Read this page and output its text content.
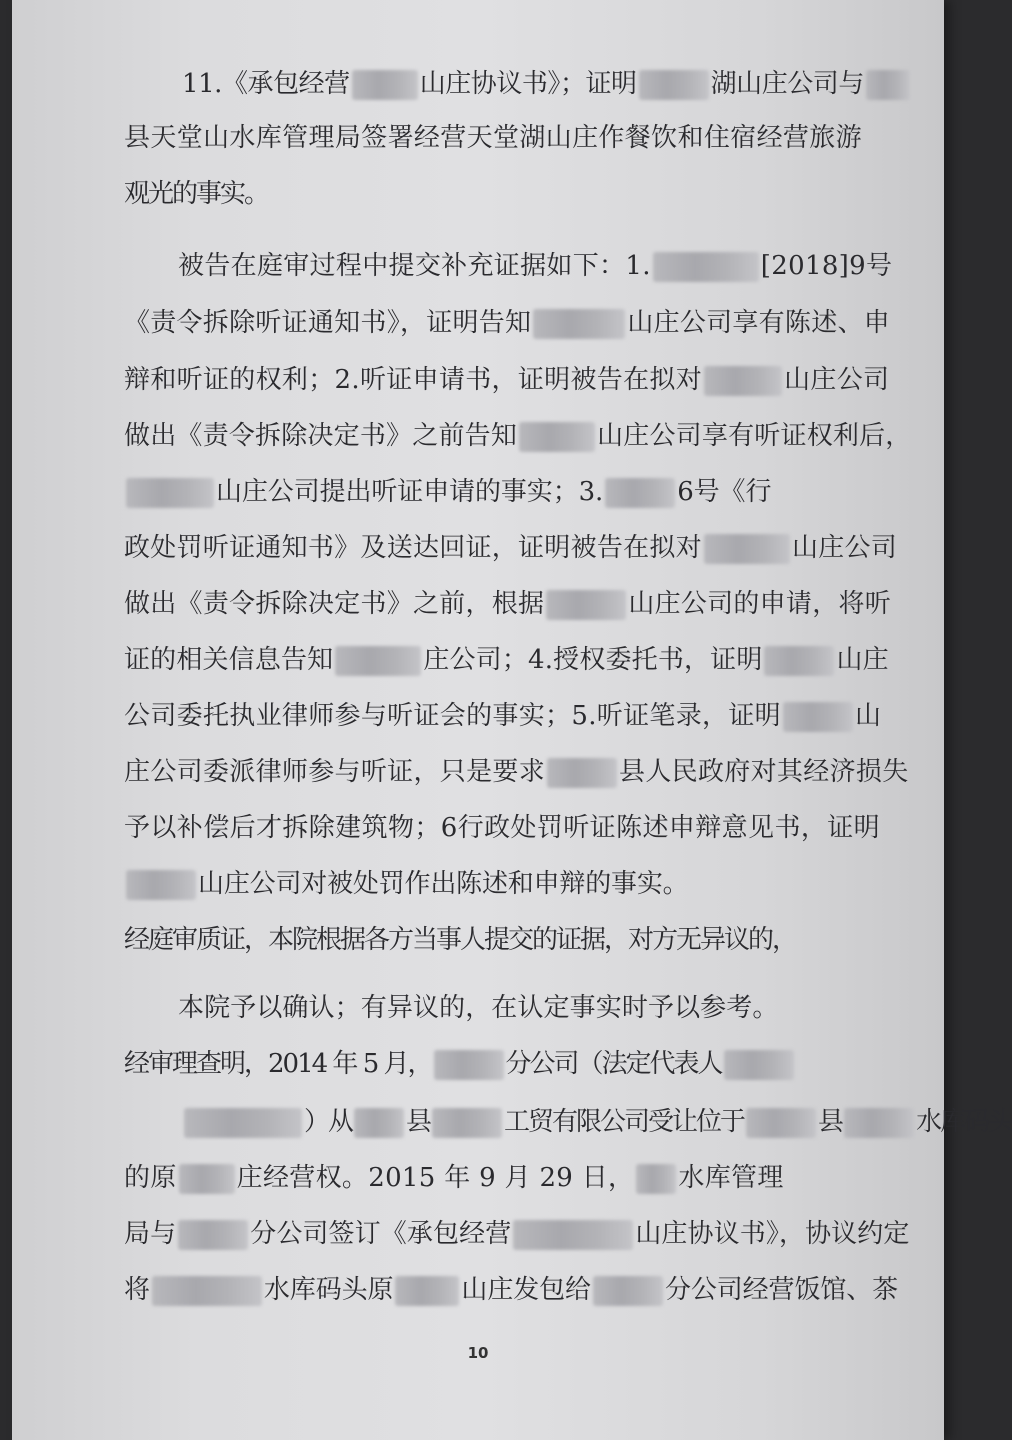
11.《承包经营	山庄协议书》；证明	湖山庄公司与
县天堂山水库管理局签署经营天堂湖山庄作餐饮和住宿经营旅游
观光的事实。
被告在庭审过程中提交补充证据如下：1.	[2018]9号
《责令拆除听证通知书》，证明告知	山庄公司享有陈述、申
辩和听证的权利；2.听证申请书，证明被告在拟对	山庄公司
做出《责令拆除决定书》之前告知	山庄公司享有听证权利后，
山庄公司提出听证申请的事实；3.	6号《行
政处罚听证通知书》及送达回证，证明被告在拟对	山庄公司
做出《责令拆除决定书》之前，根据	山庄公司的申请，将听
证的相关信息告知	庄公司；4.授权委托书，证明	山庄
公司委托执业律师参与听证会的事实；5.听证笔录，证明	山
庄公司委派律师参与听证，只是要求	县人民政府对其经济损失
予以补偿后才拆除建筑物；6行政处罚听证陈述申辩意见书，证明
山庄公司对被处罚作出陈述和申辩的事实。
经庭审质证，本院根据各方当事人提交的证据，对方无异议的，
本院予以确认；有异议的，在认定事实时予以参考。
经审理查明，2014 年 5 月，	分公司（法定代表人
）从 县	工贸有限公司受让位于	县	水库码头
的原 庄经营权。2015 年 9 月 29 日， 水库管理
局与	分公司签订《承包经营	山庄协议书》，协议约定
将	水库码头原	山庄发包给	分公司经营饭馆、茶
10
